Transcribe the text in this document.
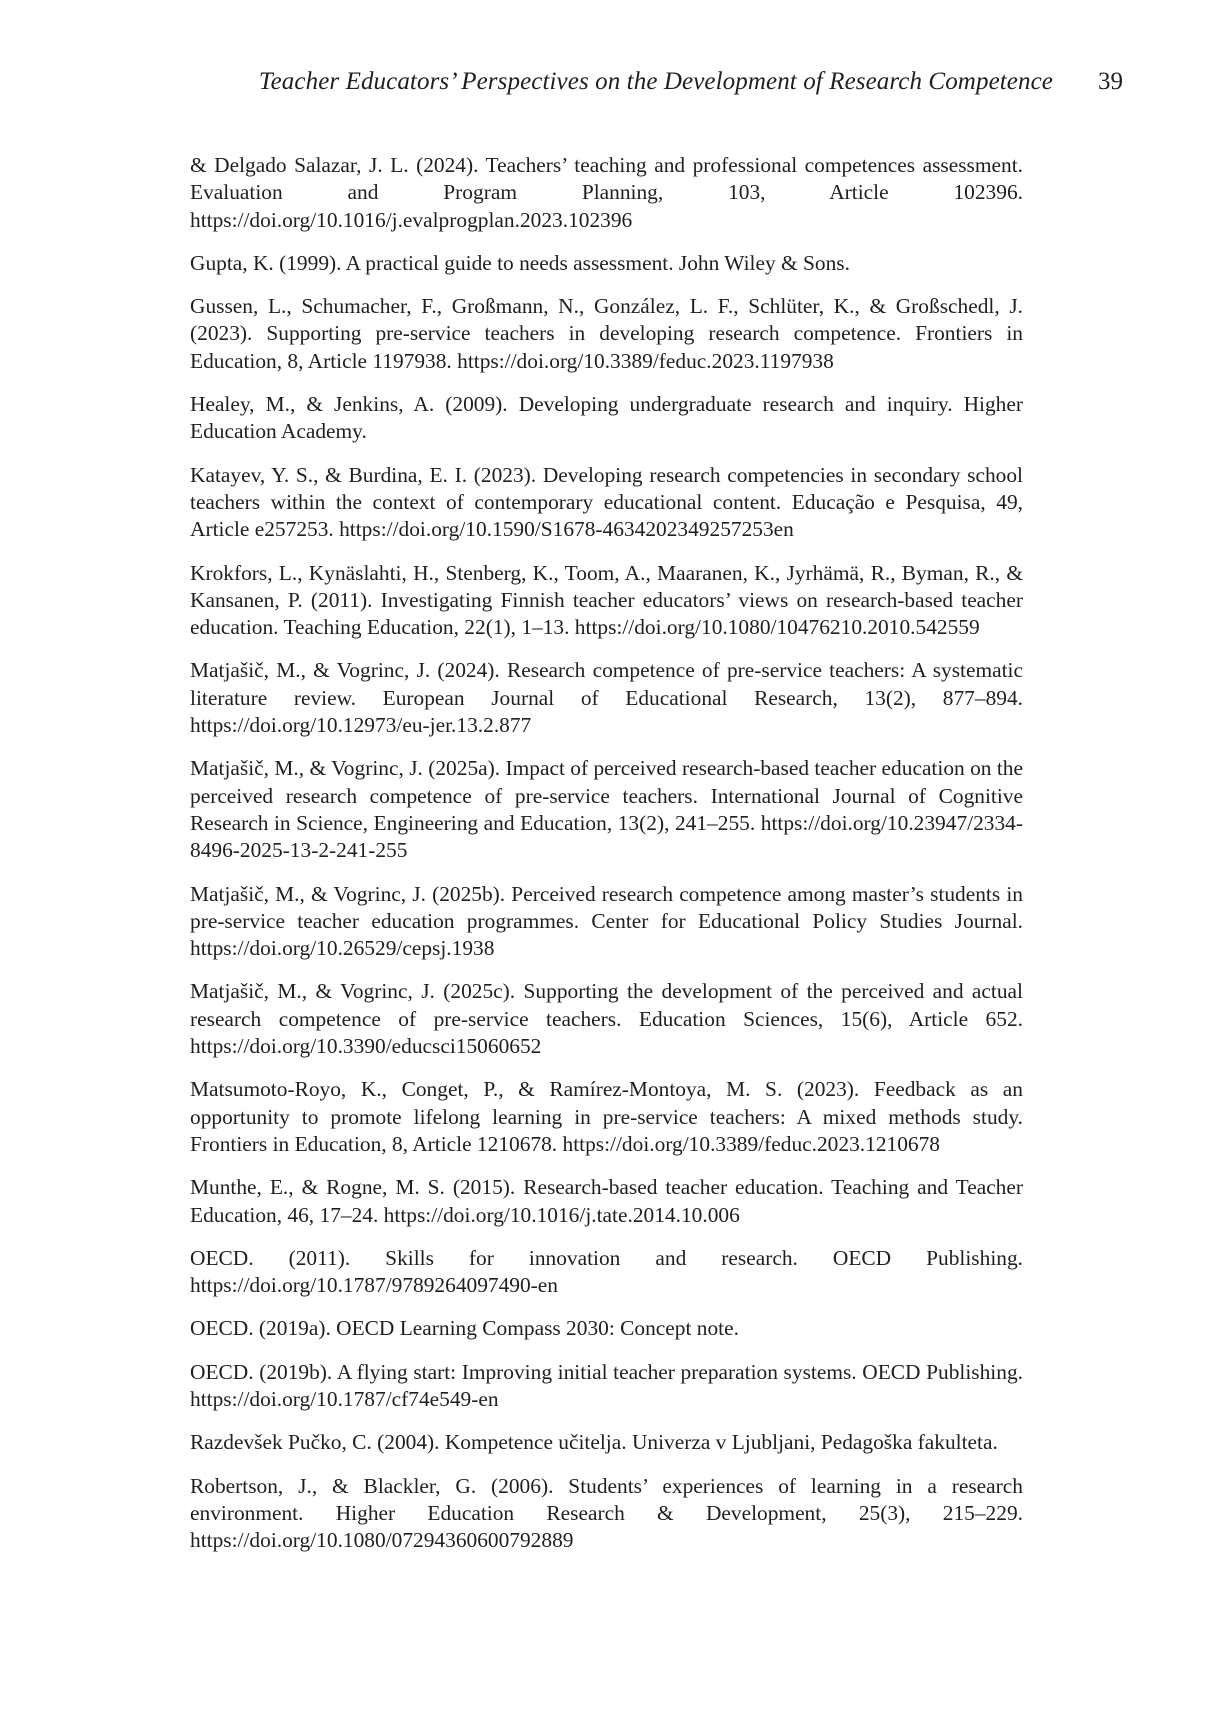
Teacher Educators’ Perspectives on the Development of Research Competence 39

& Delgado Salazar, J. L. (2024). Teachers’ teaching and professional competences assessment. Evaluation and Program Planning, 103, Article 102396. https://doi.org/10.1016/j.evalprogplan.2023.102396

Gupta, K. (1999). A practical guide to needs assessment. John Wiley & Sons.

Gussen, L., Schumacher, F., Großmann, N., González, L. F., Schlüter, K., & Großschedl, J. (2023). Supporting pre-service teachers in developing research competence. Frontiers in Education, 8, Article 1197938. https://doi.org/10.3389/feduc.2023.1197938

Healey, M., & Jenkins, A. (2009). Developing undergraduate research and inquiry. Higher Education Academy.

Katayev, Y. S., & Burdina, E. I. (2023). Developing research competencies in secondary school teachers within the context of contemporary educational content. Educação e Pesquisa, 49, Article e257253. https://doi.org/10.1590/S1678-4634202349257253en

Krokfors, L., Kynäslahti, H., Stenberg, K., Toom, A., Maaranen, K., Jyrhämä, R., Byman, R., & Kansanen, P. (2011). Investigating Finnish teacher educators’ views on research-based teacher education. Teaching Education, 22(1), 1–13. https://doi.org/10.1080/10476210.2010.542559

Matjašič, M., & Vogrinc, J. (2024). Research competence of pre-service teachers: A systematic literature review. European Journal of Educational Research, 13(2), 877–894. https://doi.org/10.12973/eu-jer.13.2.877

Matjašič, M., & Vogrinc, J. (2025a). Impact of perceived research-based teacher education on the perceived research competence of pre-service teachers. International Journal of Cognitive Research in Science, Engineering and Education, 13(2), 241–255. https://doi.org/10.23947/2334-8496-2025-13-2-241-255

Matjašič, M., & Vogrinc, J. (2025b). Perceived research competence among master’s students in pre-service teacher education programmes. Center for Educational Policy Studies Journal. https://doi.org/10.26529/cepsj.1938

Matjašič, M., & Vogrinc, J. (2025c). Supporting the development of the perceived and actual research competence of pre-service teachers. Education Sciences, 15(6), Article 652. https://doi.org/10.3390/educsci15060652

Matsumoto-Royo, K., Conget, P., & Ramírez-Montoya, M. S. (2023). Feedback as an opportunity to promote lifelong learning in pre-service teachers: A mixed methods study. Frontiers in Education, 8, Article 1210678. https://doi.org/10.3389/feduc.2023.1210678

Munthe, E., & Rogne, M. S. (2015). Research-based teacher education. Teaching and Teacher Education, 46, 17–24. https://doi.org/10.1016/j.tate.2014.10.006

OECD. (2011). Skills for innovation and research. OECD Publishing. https://doi.org/10.1787/9789264097490-en

OECD. (2019a). OECD Learning Compass 2030: Concept note.

OECD. (2019b). A flying start: Improving initial teacher preparation systems. OECD Publishing. https://doi.org/10.1787/cf74e549-en

Razdevšek Pučko, C. (2004). Kompetence učitelja. Univerza v Ljubljani, Pedagoška fakulteta.

Robertson, J., & Blackler, G. (2006). Students’ experiences of learning in a research environment. Higher Education Research & Development, 25(3), 215–229. https://doi.org/10.1080/07294360600792889
